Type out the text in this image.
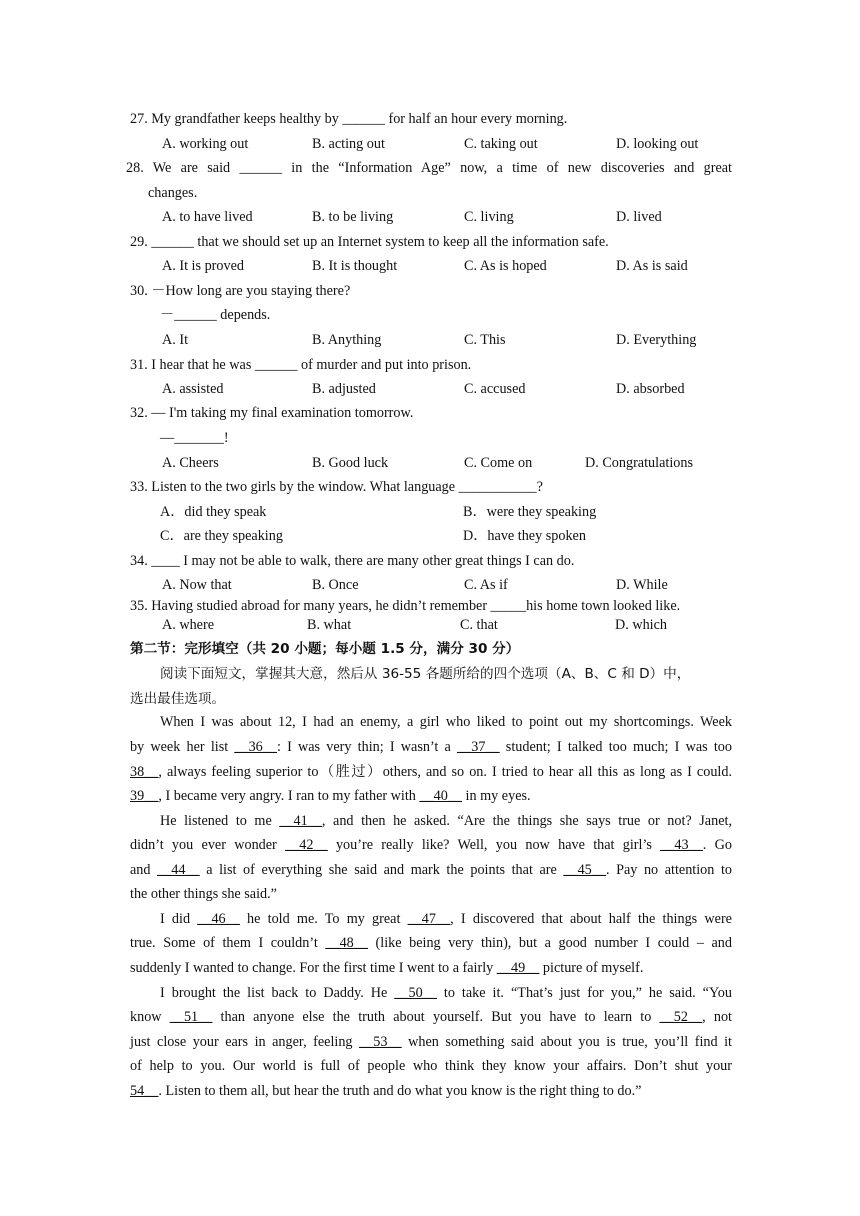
27. My grandfather keeps healthy by ______ for half an hour every morning.
A. working out	B. acting out	C. taking out	D. looking out
28. We are said ______ in the “Information Age” now, a time of new discoveries and great
changes.
A. to have lived	B. to be living	C. living	D. lived
29. ______ that we should set up an Internet system to keep all the information safe.
A. It is proved	B. It is thought	C. As is hoped	D. As is said
30. －How long are you staying there?
－______ depends.
A. It	B. Anything	C. This	D. Everything
31. I hear that he was ______ of murder and put into prison.
A. assisted	B. adjusted	C. accused	D. absorbed
32. — I'm taking my final examination tomorrow.
—_______!
A. Cheers	B. Good luck	C. Come on	D. Congratulations
33. Listen to the two girls by the window. What language ___________?
A．did they speak	B．were they speaking
C．are they speaking	D．have they spoken
34. ____ I may not be able to walk, there are many other great things I can do.
A. Now that	B. Once	C. As if	D. While
35. Having studied abroad for many years, he didn’t remember _____his home town looked like.
A. where	B. what	C. that	D. which
第二节：完形填空（共 20 小题；每小题 1.5 分，满分 30 分）
阅读下面短文，掌握其大意，然后从 36-55 各题所给的四个选项（A、B、C 和 D）中，
选出最佳选项。
When I was about 12, I had an enemy, a girl who liked to point out my shortcomings. Week
by week her list __36__: I was very thin; I wasn’t a __37__ student; I talked too much; I was too
38__, always feeling superior to（胜过）others, and so on. I tried to hear all this as long as I could.
39__, I became very angry. I ran to my father with __40__ in my eyes.
He listened to me __41__, and then he asked. “Are the things she says true or not? Janet,
didn’t you ever wonder __42__ you’re really like? Well, you now have that girl’s __43__. Go
and __44__ a list of everything she said and mark the points that are __45__. Pay no attention to
the other things she said.”
I did __46__ he told me. To my great __47__, I discovered that about half the things were
true. Some of them I couldn’t __48__ (like being very thin), but a good number I could – and
suddenly I wanted to change. For the first time I went to a fairly __49__ picture of myself.
I brought the list back to Daddy. He __50__ to take it. “That’s just for you,” he said. “You
know __51__ than anyone else the truth about yourself. But you have to learn to __52__, not
just close your ears in anger, feeling __53__ when something said about you is true, you’ll find it
of help to you. Our world is full of people who think they know your affairs. Don’t shut your
54__. Listen to them all, but hear the truth and do what you know is the right thing to do.”
